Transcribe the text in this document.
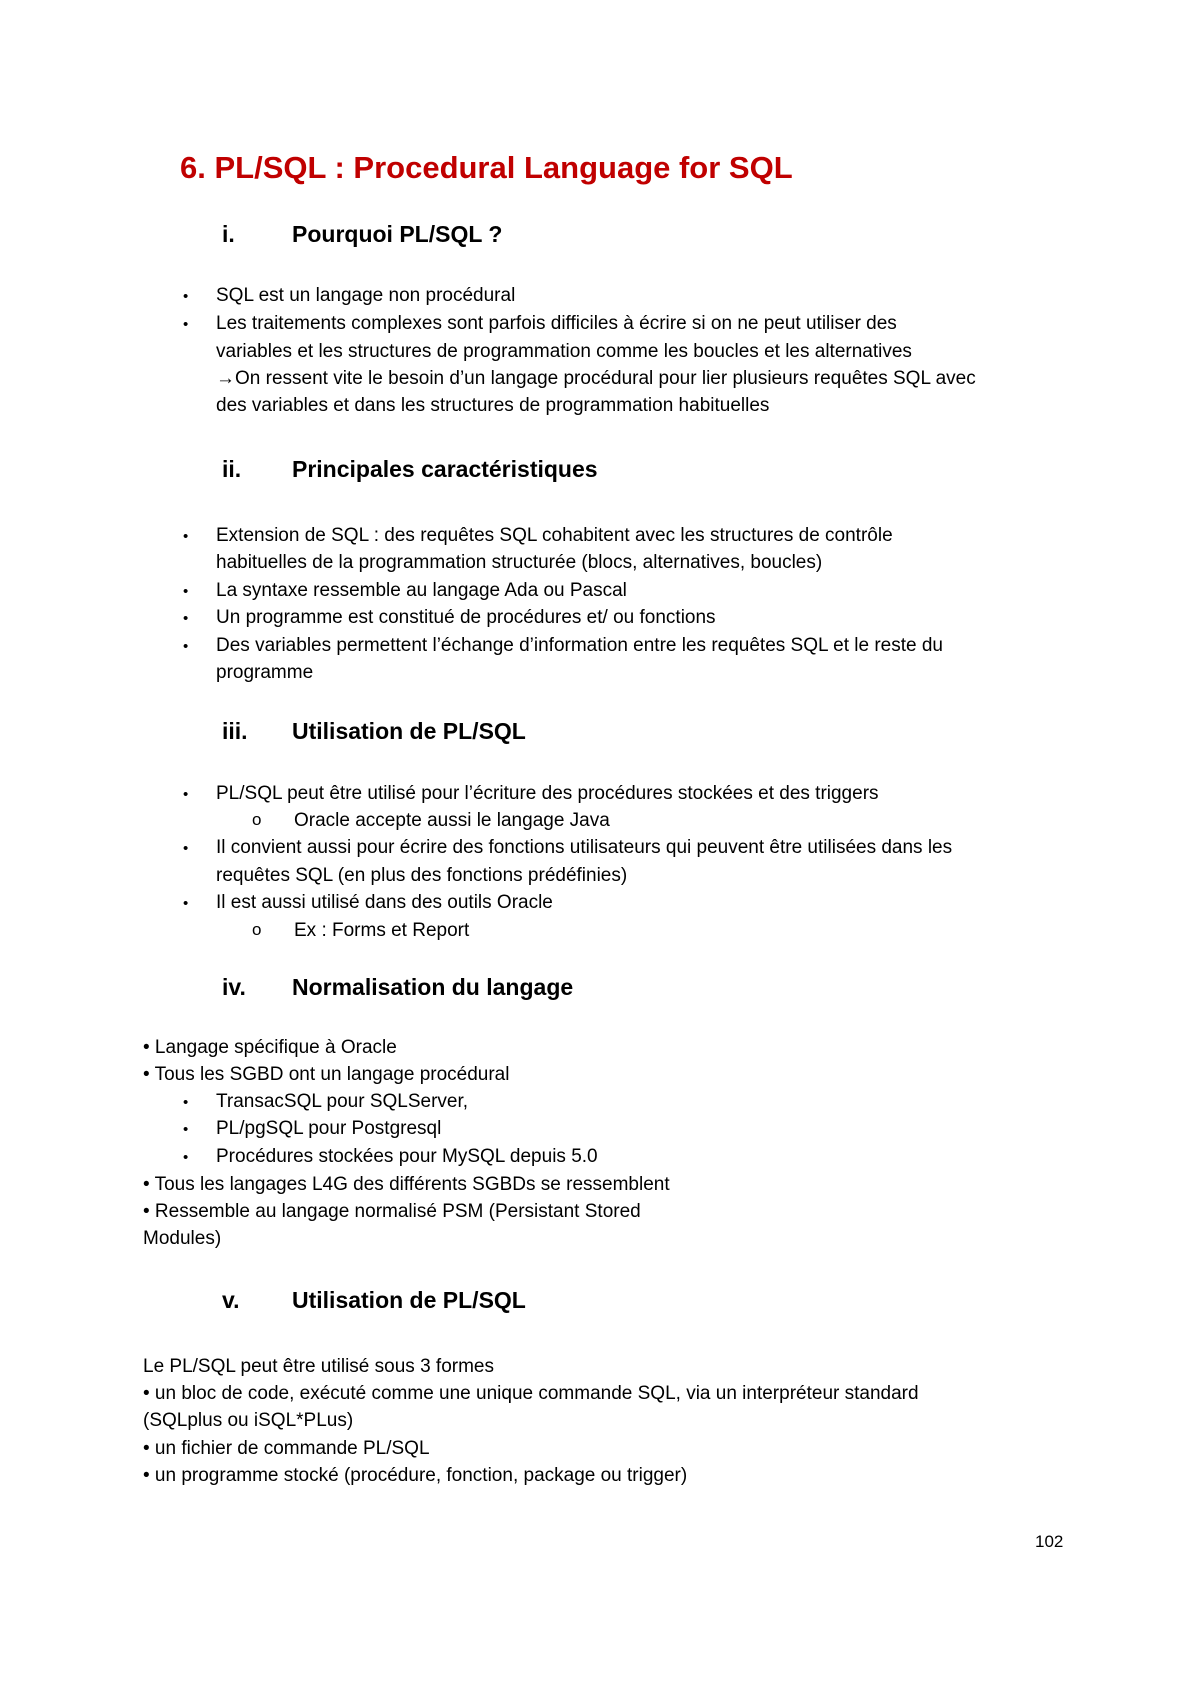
6. PL/SQL : Procedural Language for SQL
i. Pourquoi PL/SQL ?
• SQL est un langage non procédural
• Les traitements complexes sont parfois difficiles à écrire si on ne peut utiliser des
variables et les structures de programmation comme les boucles et les alternatives
→On ressent vite le besoin d’un langage procédural pour lier plusieurs requêtes SQL avec
des variables et dans les structures de programmation habituelles
ii. Principales caractéristiques
• Extension de SQL : des requêtes SQL cohabitent avec les structures de contrôle
habituelles de la programmation structurée (blocs, alternatives, boucles)
• La syntaxe ressemble au langage Ada ou Pascal
• Un programme est constitué de procédures et/ ou fonctions
• Des variables permettent l’échange d’information entre les requêtes SQL et le reste du
programme
iii. Utilisation de PL/SQL
• PL/SQL peut être utilisé pour l’écriture des procédures stockées et des triggers
o Oracle accepte aussi le langage Java
• Il convient aussi pour écrire des fonctions utilisateurs qui peuvent être utilisées dans les
requêtes SQL (en plus des fonctions prédéfinies)
• Il est aussi utilisé dans des outils Oracle
o Ex : Forms et Report
iv. Normalisation du langage
• Langage spécifique à Oracle
• Tous les SGBD ont un langage procédural
• TransacSQL pour SQLServer,
• PL/pgSQL pour Postgresql
• Procédures stockées pour MySQL depuis 5.0
• Tous les langages L4G des différents SGBDs se ressemblent
• Ressemble au langage normalisé PSM (Persistant Stored
Modules)
v. Utilisation de PL/SQL
Le PL/SQL peut être utilisé sous 3 formes
• un bloc de code, exécuté comme une unique commande SQL, via un interpréteur standard
(SQLplus ou iSQL*PLus)
• un fichier de commande PL/SQL
• un programme stocké (procédure, fonction, package ou trigger)
102
